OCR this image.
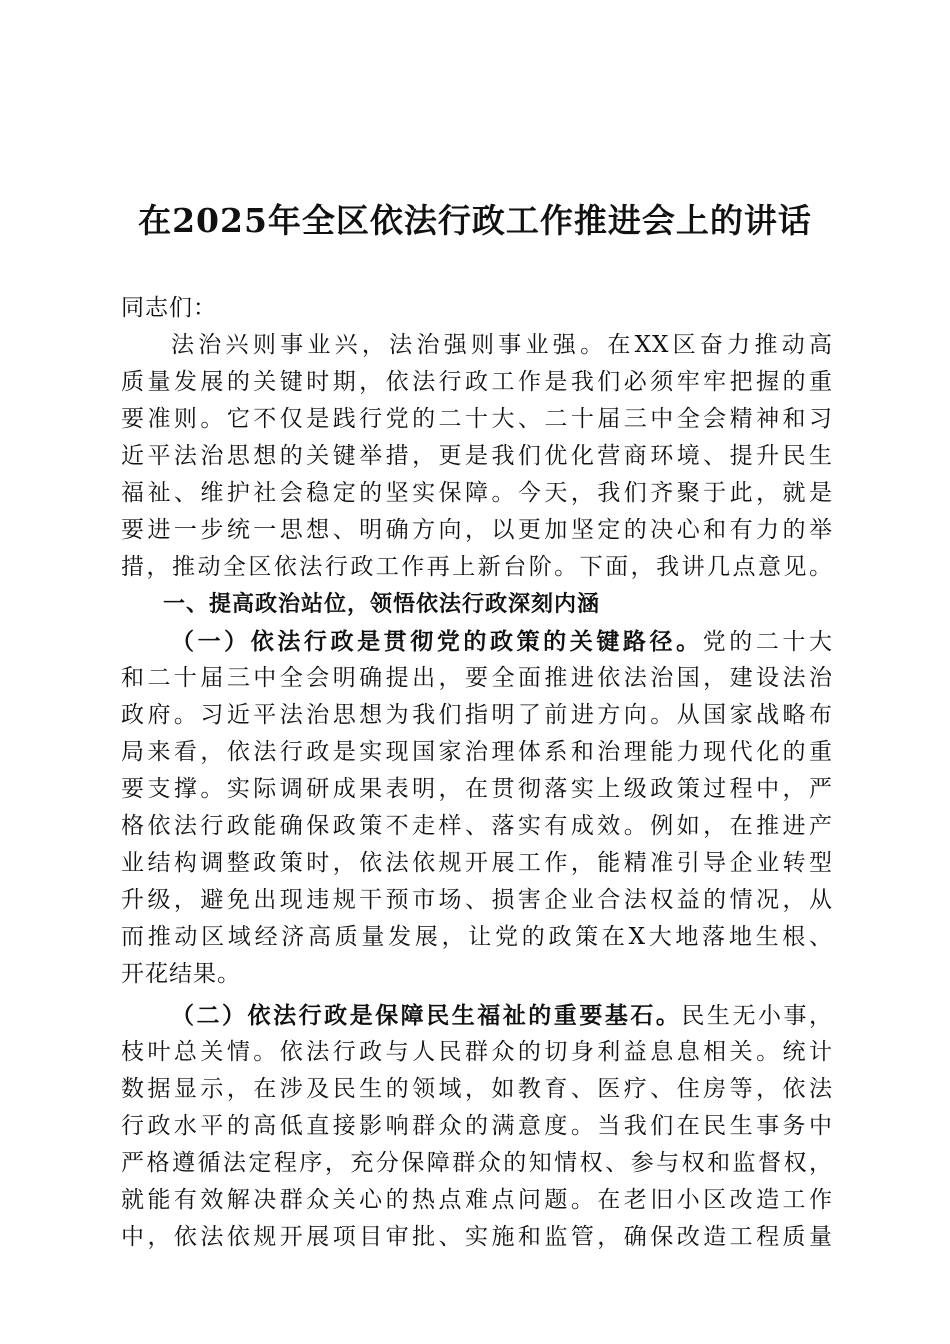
在2025年全区依法行政工作推进会上的讲话
同志们：
法治兴则事业兴，法治强则事业强。在XX区奋力推动高
质量发展的关键时期，依法行政工作是我们必须牢牢把握的重
要准则。它不仅是践行党的二十大、二十届三中全会精神和习
近平法治思想的关键举措，更是我们优化营商环境、提升民生
福祉、维护社会稳定的坚实保障。今天，我们齐聚于此，就是
要进一步统一思想、明确方向，以更加坚定的决心和有力的举
措，推动全区依法行政工作再上新台阶。下面，我讲几点意见。
一、提高政治站位，领悟依法行政深刻内涵
（一）依法行政是贯彻党的政策的关键路径。党的二十大
和二十届三中全会明确提出，要全面推进依法治国，建设法治
政府。习近平法治思想为我们指明了前进方向。从国家战略布
局来看，依法行政是实现国家治理体系和治理能力现代化的重
要支撑。实际调研成果表明，在贯彻落实上级政策过程中，严
格依法行政能确保政策不走样、落实有成效。例如，在推进产
业结构调整政策时，依法依规开展工作，能精准引导企业转型
升级，避免出现违规干预市场、损害企业合法权益的情况，从
而推动区域经济高质量发展，让党的政策在X大地落地生根、
开花结果。
（二）依法行政是保障民生福祉的重要基石。民生无小事，
枝叶总关情。依法行政与人民群众的切身利益息息相关。统计
数据显示，在涉及民生的领域，如教育、医疗、住房等，依法
行政水平的高低直接影响群众的满意度。当我们在民生事务中
严格遵循法定程序，充分保障群众的知情权、参与权和监督权，
就能有效解决群众关心的热点难点问题。在老旧小区改造工作
中，依法依规开展项目审批、实施和监管，确保改造工程质量
